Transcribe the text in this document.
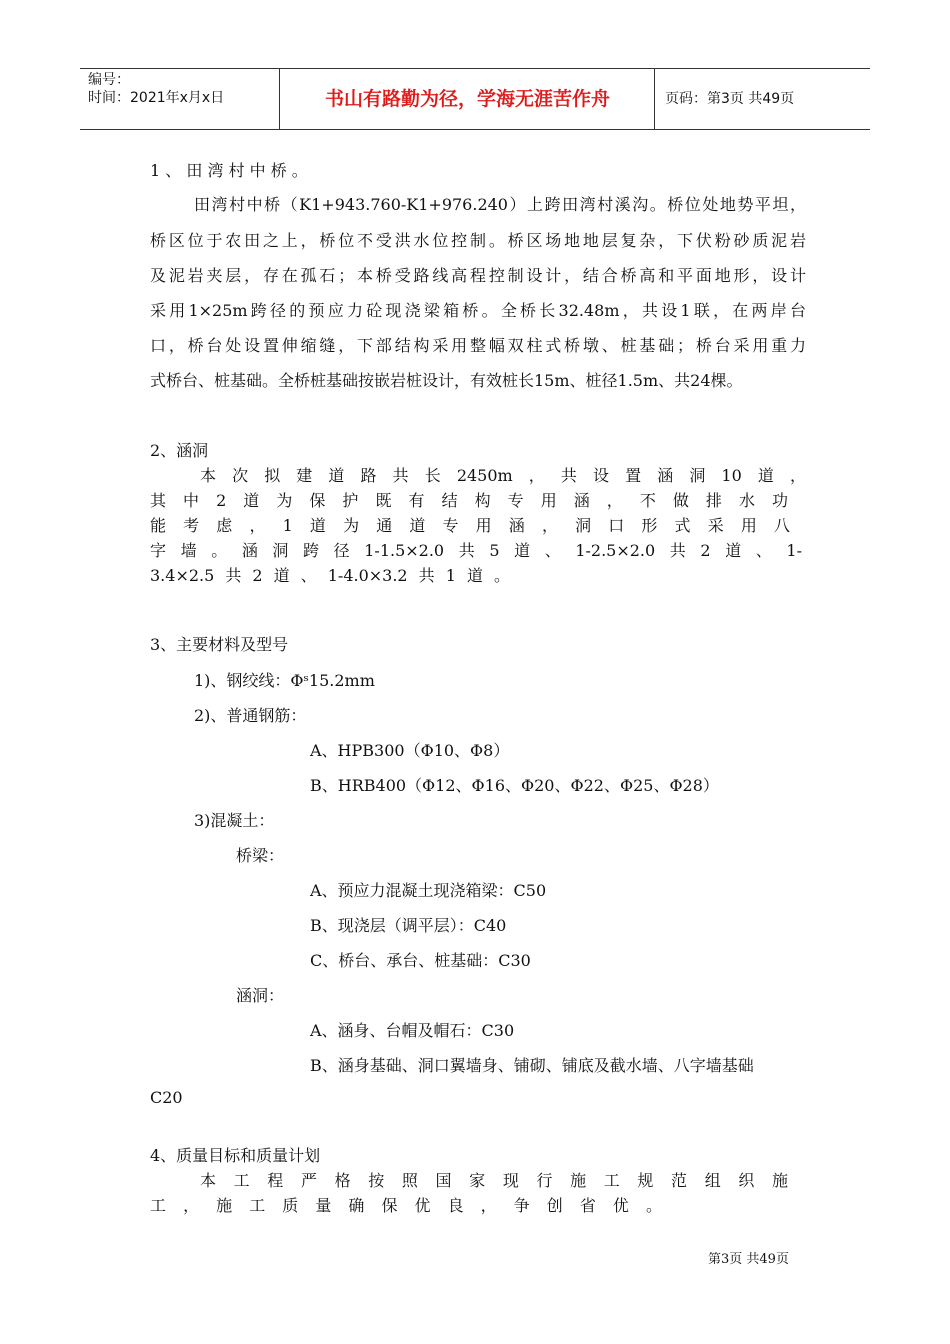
编号：
时间：2021年x月x日	书山有路勤为径，学海无涯苦作舟	页码：第3页 共49页
1 、 田 湾 村 中 桥 。
田湾村中桥（K1+943.760-K1+976.240）上跨田湾村溪沟。桥位处地势平坦，
桥区位于农田之上，桥位不受洪水位控制。桥区场地地层复杂，下伏粉砂质泥岩
及泥岩夹层，存在孤石；本桥受路线高程控制设计，结合桥高和平面地形，设计
采用1×25m跨径的预应力砼现浇梁箱桥。全桥长32.48m，共设1联，在两岸台
口，桥台处设置伸缩缝，下部结构采用整幅双柱式桥墩、桩基础；桥台采用重力
式桥台、桩基础。全桥桩基础按嵌岩桩设计，有效桩长15m、桩径1.5m、共24棵。
2、涵洞
本次拟建道路共长2450m，共设置涵洞10道，
其中2道为保护既有结构专用涵，不做排水功
能考虑，1道为通道专用涵，洞口形式采用八
字墙。涵洞跨径1-1.5×2.0共5道、1-2.5×2.0共2道、1-
3.4×2.5共2道、1-4.0×3.2共1道。
3、主要材料及型号
1)、钢绞线：Φˢ15.2mm
2)、普通钢筋：
A、HPB300（Φ10、Φ8）
B、HRB400（Φ12、Φ16、Φ20、Φ22、Φ25、Φ28）
3)混凝土：
桥梁：
A、预应力混凝土现浇箱梁：C50
B、现浇层（调平层）：C40
C、桥台、承台、桩基础：C30
涵洞：
A、涵身、台帽及帽石：C30
B、涵身基础、洞口翼墙身、铺砌、铺底及截水墙、八字墙基础
C20
4、质量目标和质量计划
本工程严格按照国家现行施工规范组织施
工，施工质量确保优良，争创省优。
第3页 共49页
